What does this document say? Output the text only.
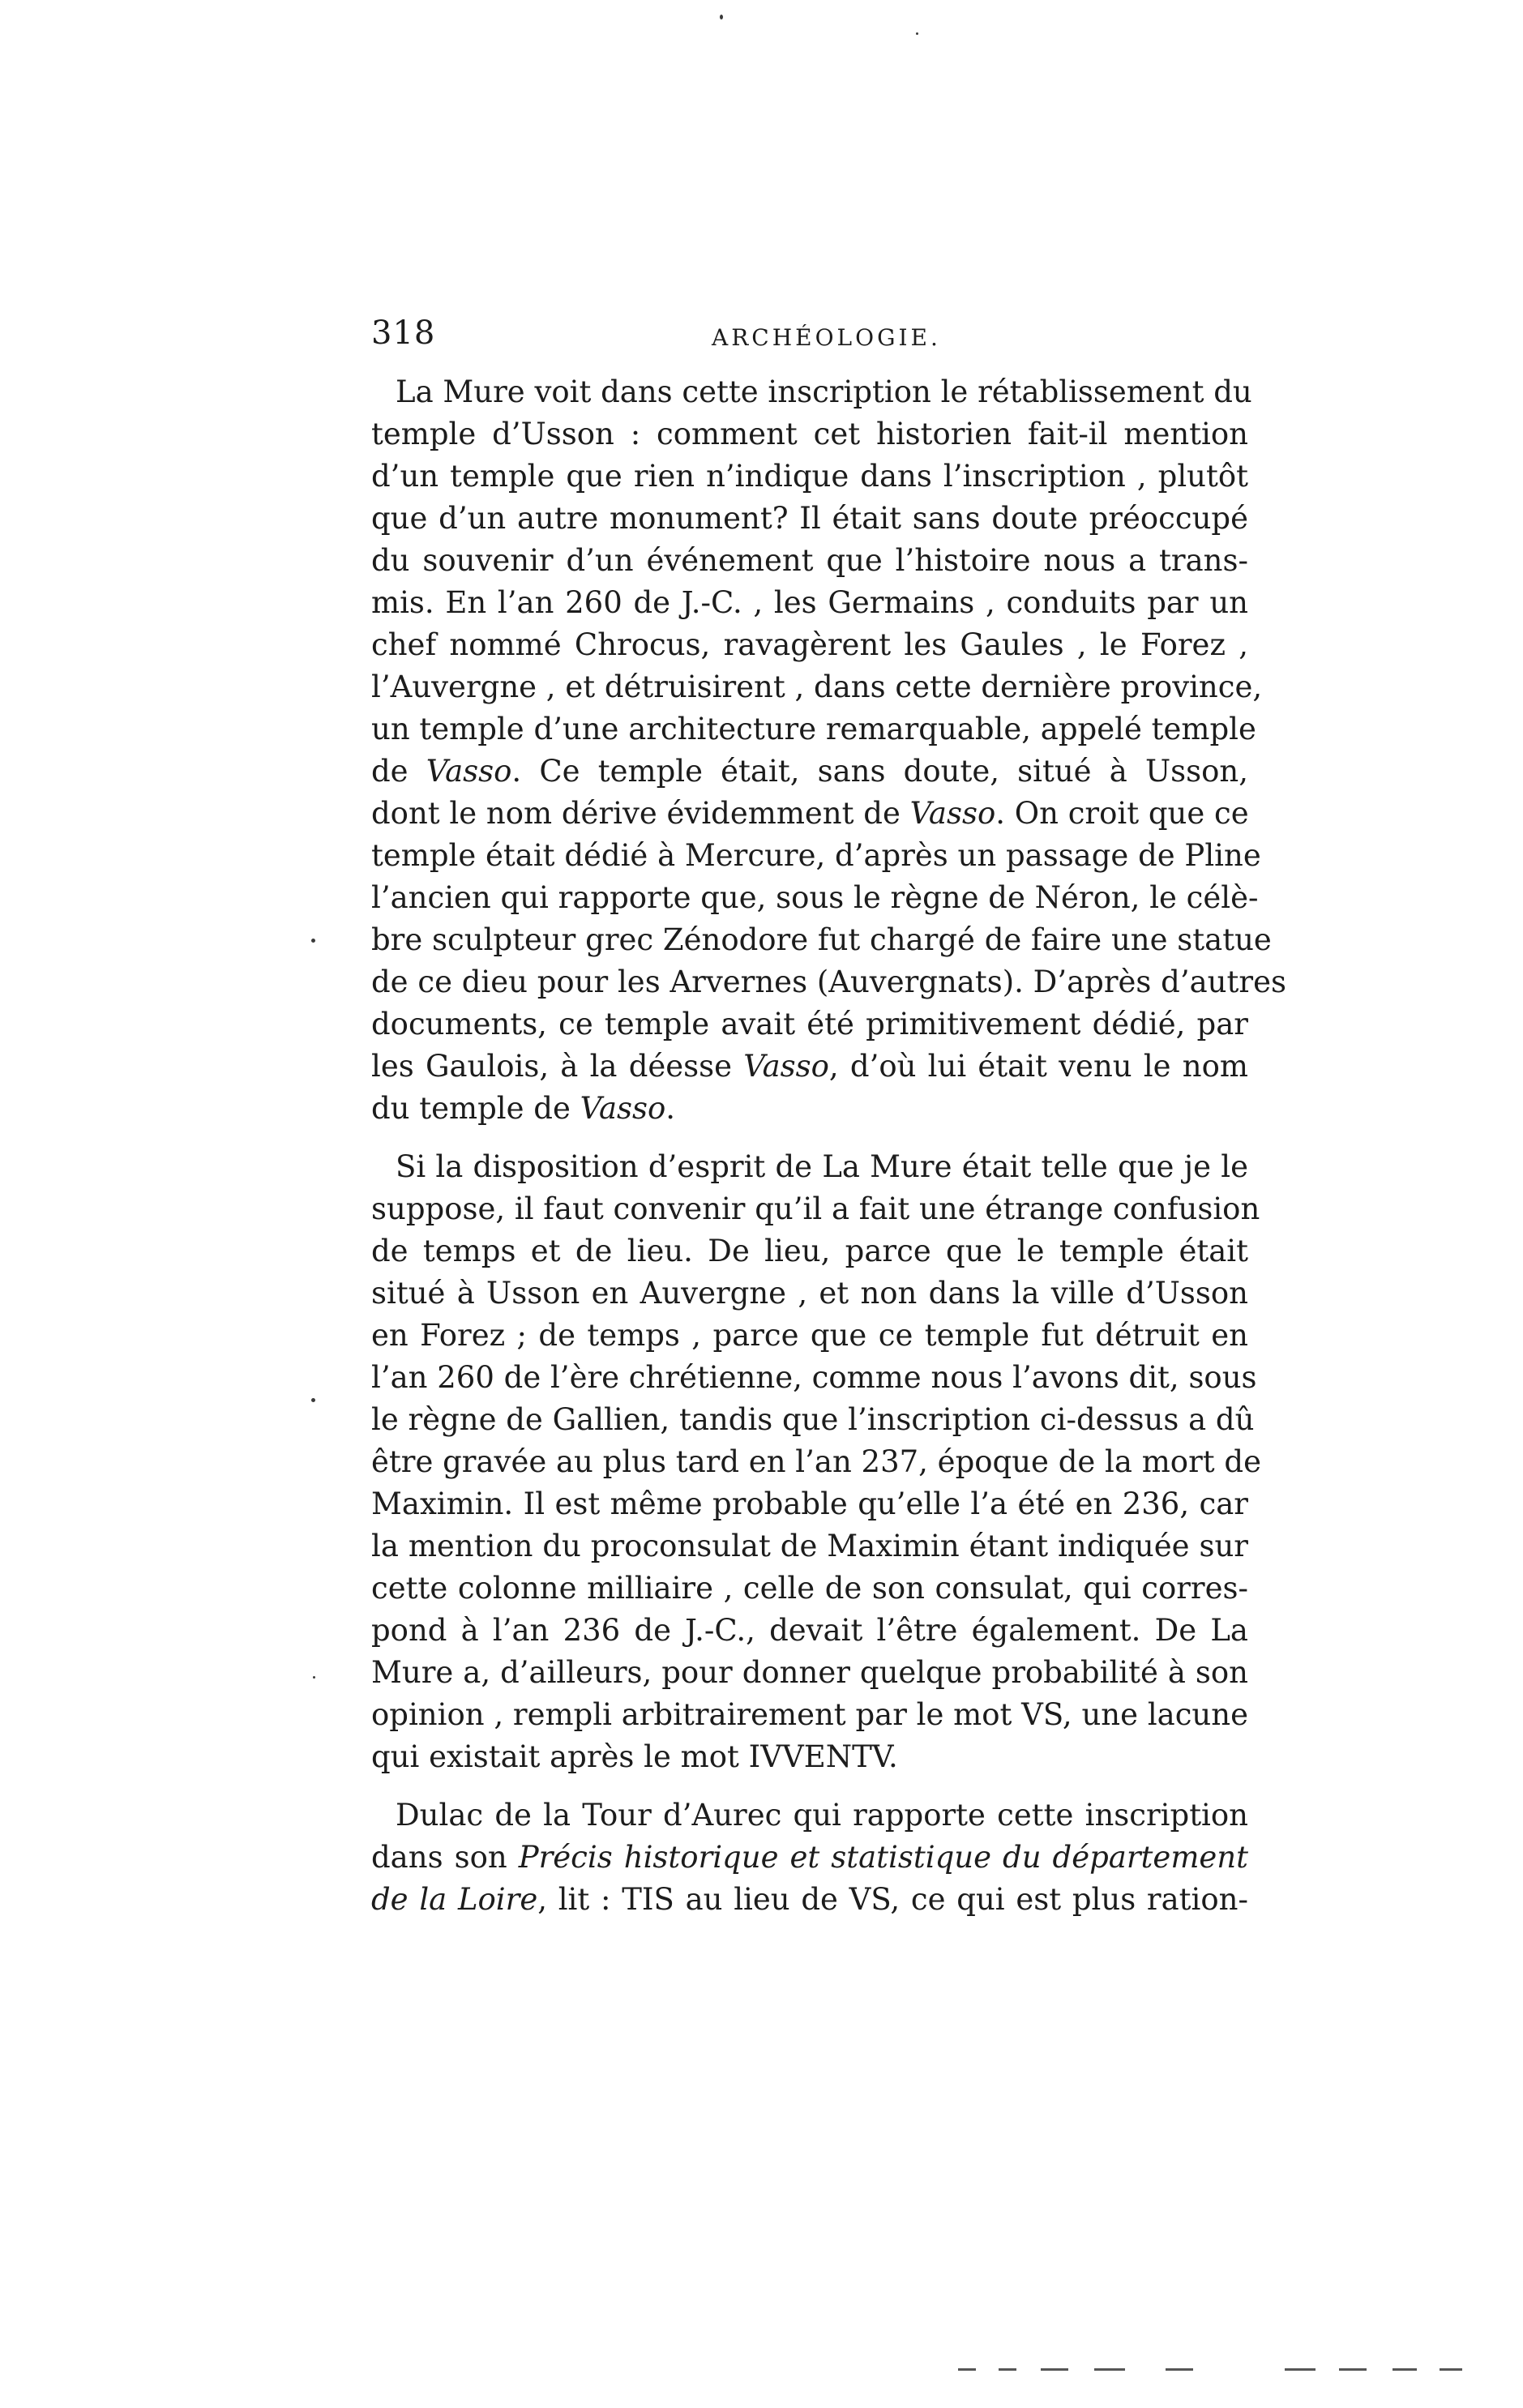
318	ARCHÉOLOGIE.
La Mure voit dans cette inscription le rétablissement du
temple d’Usson : comment cet historien fait-il mention
d’un temple que rien n’indique dans l’inscription , plutôt
que d’un autre monument? Il était sans doute préoccupé
du souvenir d’un événement que l’histoire nous a trans-
mis. En l’an 260 de J.-C. , les Germains , conduits par un
chef nommé Chrocus, ravagèrent les Gaules , le Forez ,
l’Auvergne , et détruisirent , dans cette dernière province,
un temple d’une architecture remarquable, appelé temple
de Vasso. Ce temple était, sans doute, situé à Usson,
dont le nom dérive évidemment de Vasso. On croit que ce
temple était dédié à Mercure, d’après un passage de Pline
l’ancien qui rapporte que, sous le règne de Néron, le célè-
bre sculpteur grec Zénodore fut chargé de faire une statue
de ce dieu pour les Arvernes (Auvergnats). D’après d’autres
documents, ce temple avait été primitivement dédié, par
les Gaulois, à la déesse Vasso, d’où lui était venu le nom
du temple de Vasso.
Si la disposition d’esprit de La Mure était telle que je le
suppose, il faut convenir qu’il a fait une étrange confusion
de temps et de lieu. De lieu, parce que le temple était
situé à Usson en Auvergne , et non dans la ville d’Usson
en Forez ; de temps , parce que ce temple fut détruit en
l’an 260 de l’ère chrétienne, comme nous l’avons dit, sous
le règne de Gallien, tandis que l’inscription ci-dessus a dû
être gravée au plus tard en l’an 237, époque de la mort de
Maximin. Il est même probable qu’elle l’a été en 236, car
la mention du proconsulat de Maximin étant indiquée sur
cette colonne milliaire , celle de son consulat, qui corres-
pond à l’an 236 de J.-C., devait l’être également. De La
Mure a, d’ailleurs, pour donner quelque probabilité à son
opinion , rempli arbitrairement par le mot VS, une lacune
qui existait après le mot IVVENTV.
Dulac de la Tour d’Aurec qui rapporte cette inscription
dans son Précis historique et statistique du département
de la Loire, lit : TIS au lieu de VS, ce qui est plus ration-
